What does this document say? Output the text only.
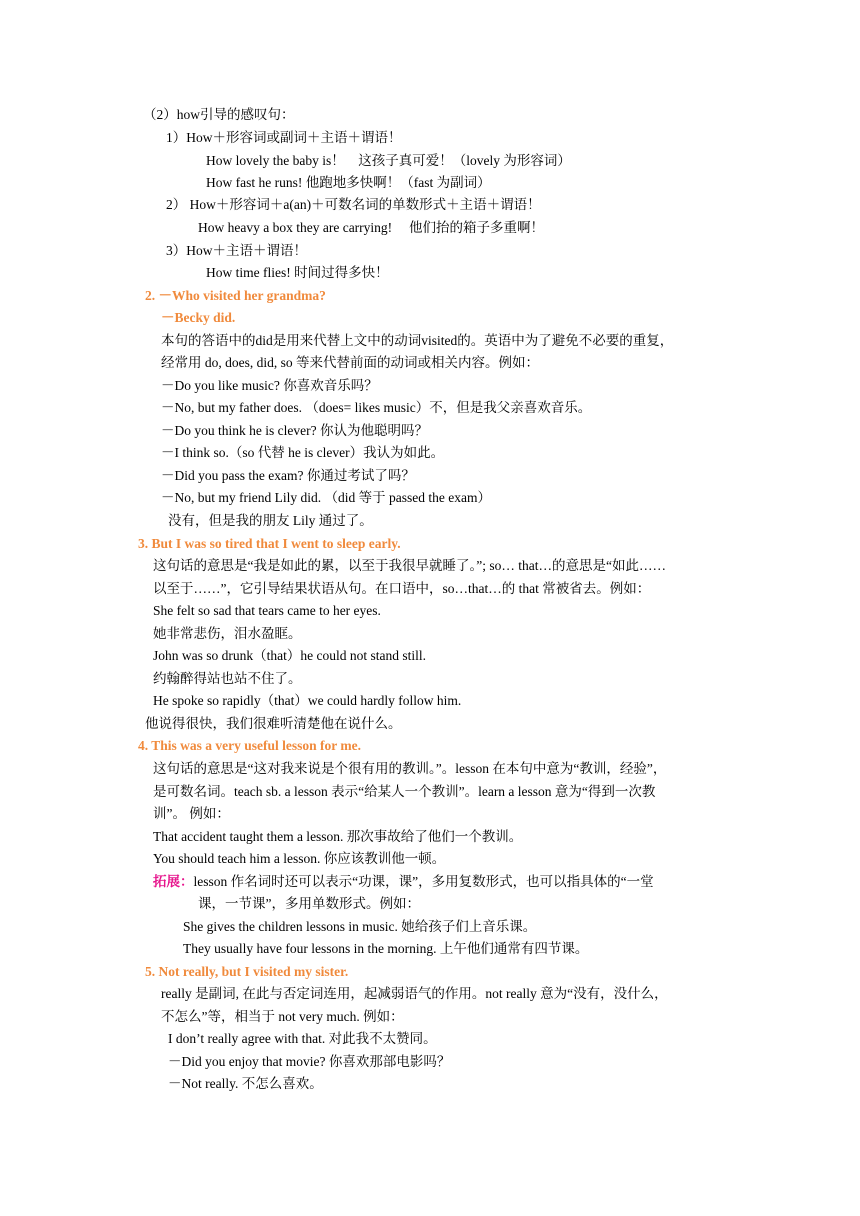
（2）how引导的感叹句：
1）How＋形容词或副词＋主语＋谓语！
How lovely the baby is！　这孩子真可爱！（lovely 为形容词）
How fast he runs! 他跑地多快啊！（fast 为副词）
2） How＋形容词＋a(an)＋可数名词的单数形式＋主语＋谓语！
How heavy a box they are carrying!　 他们抬的箱子多重啊！
3）How＋主语＋谓语！
How time flies! 时间过得多快！
2. －Who visited her grandma?
－Becky did.
本句的答语中的did是用来代替上文中的动词visited的。英语中为了避免不必要的重复，
经常用 do, does, did, so 等来代替前面的动词或相关内容。例如：
－Do you like music? 你喜欢音乐吗？
－No, but my father does. （does= likes music）不，但是我父亲喜欢音乐。
－Do you think he is clever? 你认为他聪明吗？
－I think so.（so 代替 he is clever）我认为如此。
－Did you pass the exam? 你通过考试了吗？
－No, but my friend Lily did. （did 等于 passed the exam）
没有，但是我的朋友 Lily 通过了。
3. But I was so tired that I went to sleep early.
这句话的意思是“我是如此的累，以至于我很早就睡了。”; so… that…的意思是“如此……
以至于……”，它引导结果状语从句。在口语中，so…that…的 that 常被省去。例如：
She felt so sad that tears came to her eyes.
她非常悲伤，泪水盈眶。
John was so drunk（that）he could not stand still.
约翰醉得站也站不住了。
He spoke so rapidly（that）we could hardly follow him.
他说得很快，我们很难听清楚他在说什么。
4. This was a very useful lesson for me.
这句话的意思是“这对我来说是个很有用的教训。”。lesson 在本句中意为“教训，经验”，
是可数名词。teach sb. a lesson 表示“给某人一个教训”。learn a lesson 意为“得到一次教
训”。 例如：
That accident taught them a lesson. 那次事故给了他们一个教训。
You should teach him a lesson. 你应该教训他一顿。
拓展：lesson 作名词时还可以表示“功课，课”，多用复数形式，也可以指具体的“一堂
课，一节课”，多用单数形式。例如：
She gives the children lessons in music. 她给孩子们上音乐课。
They usually have four lessons in the morning. 上午他们通常有四节课。
5. Not really, but I visited my sister.
really 是副词, 在此与否定词连用，起减弱语气的作用。not really 意为“没有，没什么，
不怎么”等，相当于 not very much. 例如：
I don’t really agree with that. 对此我不太赞同。
－Did you enjoy that movie? 你喜欢那部电影吗？
－Not really. 不怎么喜欢。
